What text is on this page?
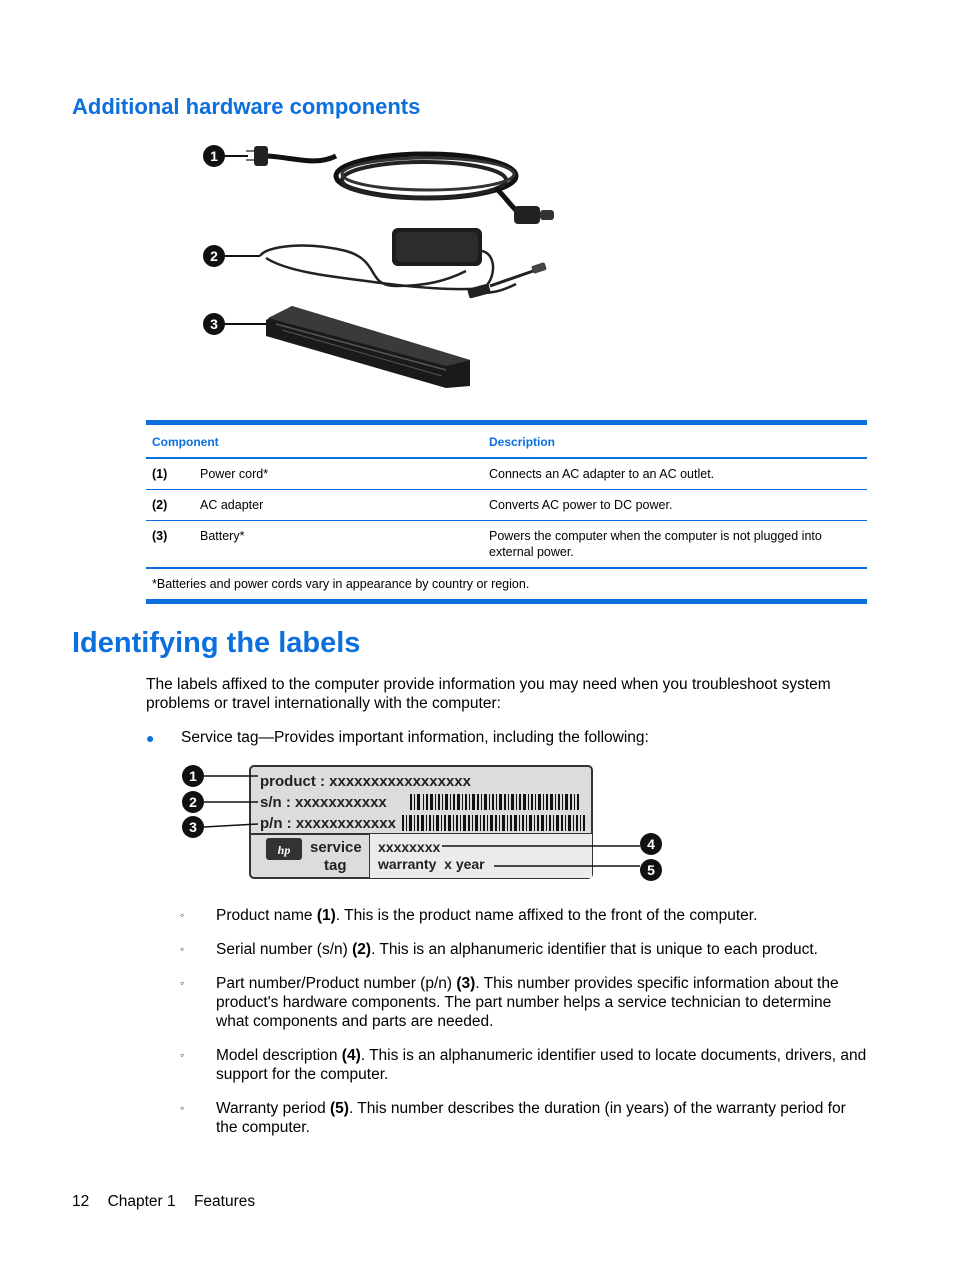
Additional hardware components
1
2
3
Component		Description
(1)	Power cord*	Connects an AC adapter to an AC outlet.
(2)	AC adapter	Converts AC power to DC power.
(3)	Battery*	Powers the computer when the computer is not plugged into external power.
*Batteries and power cords vary in appearance by country or region.		
Identifying the labels
The labels affixed to the computer provide information you may need when you troubleshoot system problems or travel internationally with the computer:
● Service tag—Provides important information, including the following:
product : xxxxxxxxxxxxxxxxx
s/n : xxxxxxxxxxx
p/n : xxxxxxxxxxxx
hp service
tag
xxxxxxxx
warranty  x year
1
2
3
4
5
◦ Product name (1). This is the product name affixed to the front of the computer.
◦ Serial number (s/n) (2). This is an alphanumeric identifier that is unique to each product.
◦ Part number/Product number (p/n) (3). This number provides specific information about the product's hardware components. The part number helps a service technician to determine what components and parts are needed.
◦ Model description (4). This is an alphanumeric identifier used to locate documents, drivers, and support for the computer.
◦ Warranty period (5). This number describes the duration (in years) of the warranty period for the computer.
12 Chapter 1 Features
